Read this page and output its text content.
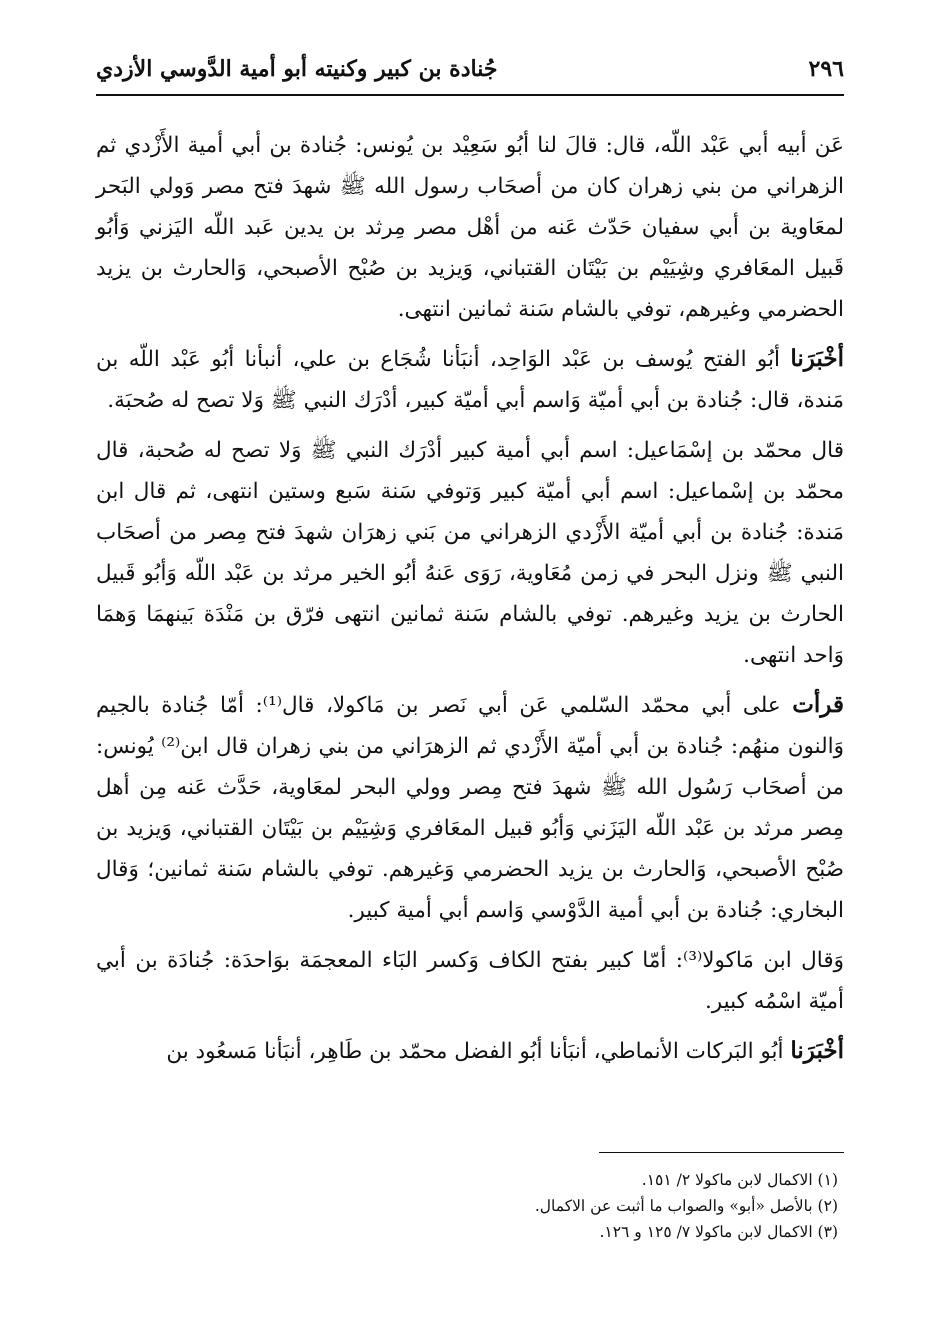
٢٩٦
جُنادة بن كبير وكنيته أبو أمية الدَّوسي الأزدي

عَن أبيه أبي عَبْد اللّه، قال: قالَ لنا أبُو سَعِيْد بن يُونس: جُنادة بن أبي أمية الأَزْدي ثم الزهراني من بني زهران كان من أصحَاب رسول الله ﷺ شهدَ فتح مصر وَولي البَحر لمعَاوية بن أبي سفيان حَدّث عَنه من أهْل مصر مِرثد بن يدين عَبد اللّه اليَزني وَأبُو قَبيل المعَافري وشِيَيْم بن بَيْتَان القتباني، وَيزيد بن صُبْح الأصبحي، وَالحارث بن يزيد الحضرمي وغيرهم، توفي بالشام سَنة ثمانين انتهى.

أخْبَرَنا أبُو الفتح يُوسف بن عَبْد الوَاحِد، أنبَأنا شُجَاع بن علي، أنبأنا أبُو عَبْد اللّه بن مَندة، قال: جُنادة بن أبي أميّة وَاسم أبي أميّة كبير، أدْرَك النبي ﷺ وَلا تصح له صُحبَة.

قال محمّد بن إسْمَاعيل: اسم أبي أمية كبير أدْرَك النبي ﷺ وَلا تصح له صُحبة، قال محمّد بن إسْماعيل: اسم أبي أميّة كبير وَتوفي سَنة سَبع وستين انتهى، ثم قال ابن مَندة: جُنادة بن أبي أميّة الأَزْدي الزهراني من بَني زهرَان شهدَ فتح مِصر من أصحَاب النبي ﷺ ونزل البحر في زمن مُعَاوية، رَوَى عَنهُ أبُو الخير مرثد بن عَبْد اللّه وَأبُو قَبيل الحارث بن يزيد وغيرهم. توفي بالشام سَنة ثمانين انتهى فرّق بن مَنْدَة بَينهمَا وَهمَا وَاحد انتهى.

قرأت على أبي محمّد السّلمي عَن أبي نَصر بن مَاكولا، قال⁽¹⁾: أمّا جُنادة بالجيم وَالنون منهُم: جُنادة بن أبي أميّة الأَزْدي ثم الزهرَاني من بني زهران قال ابن⁽²⁾ يُونس: من أصحَاب رَسُول الله ﷺ شهدَ فتح مِصر وولي البحر لمعَاوية، حَدَّث عَنه مِن أهل مِصر مرثد بن عَبْد اللّه اليَزَني وَأبُو قبيل المعَافري وَشِيَيْم بن بَيْتَان القتباني، وَيزيد بن صُبْح الأصبحي، وَالحارث بن يزيد الحضرمي وَغيرهم. توفي بالشام سَنة ثمانين؛ وَقال البخاري: جُنادة بن أبي أمية الدَّوْسي وَاسم أبي أمية كبير.

وَقال ابن مَاكولا⁽³⁾: أمّا كبير بفتح الكاف وَكسر البَاء المعجمَة بوَاحدَة: جُنادَة بن أبي أميّة اسْمُه كبير.

أخْبَرَنا أبُو البَركات الأنماطي، أنبَأنا أبُو الفضل محمّد بن طَاهِر، أنبَأنا مَسعُود بن

(١) الاكمال لابن ماكولا ٢/ ١٥١.
(٢) بالأصل «أبو» والصواب ما أثبت عن الاكمال.
(٣) الاكمال لابن ماكولا ٧/ ١٢٥ و ١٢٦.
